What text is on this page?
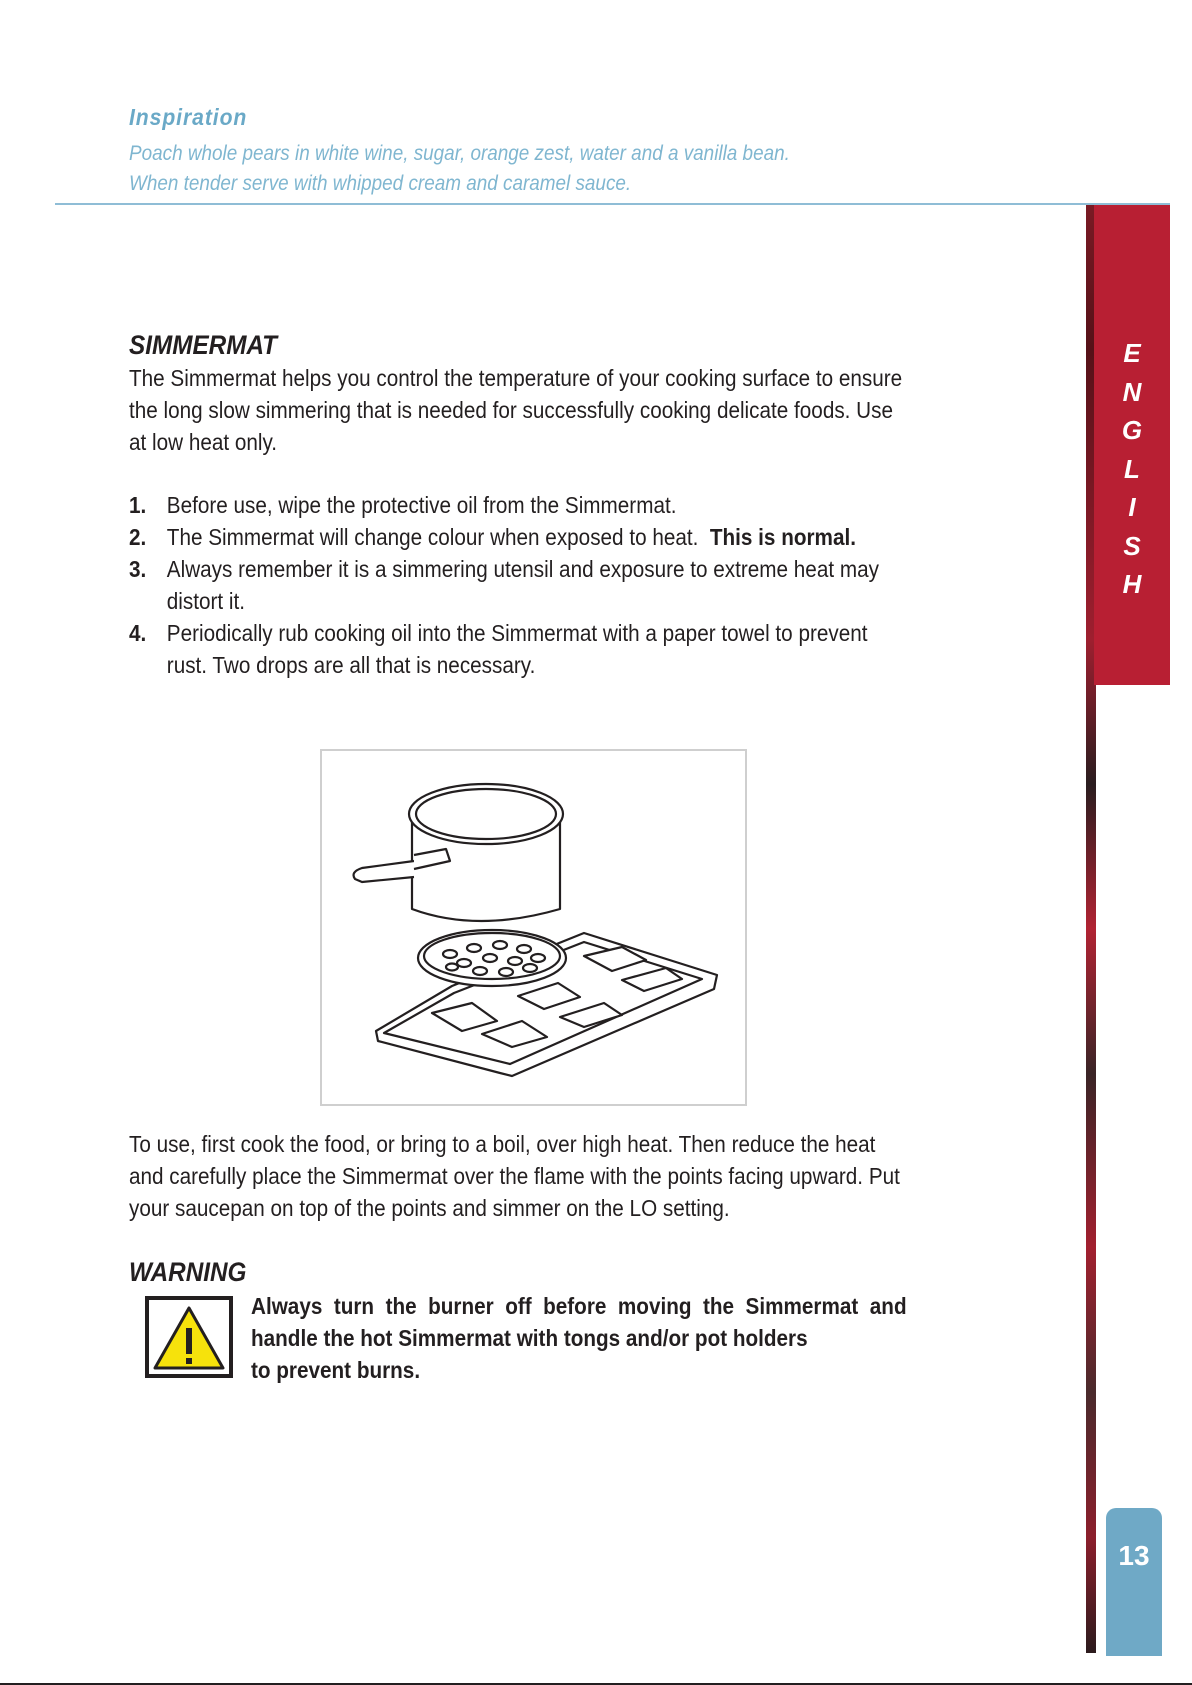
Inspiration
Poach whole pears in white wine, sugar, orange zest, water and a vanilla bean.
When tender serve with whipped cream and caramel sauce.
E
N
G
L
I
S
H
13
SIMMERMAT

The Simmermat helps you control the temperature of your cooking surface to ensure

the long slow simmering that is needed for successfully cooking delicate foods. Use

at low heat only.

1. Before use, wipe the protective oil from the Simmermat.
2. The Simmermat will change colour when exposed to heat.  This is normal.
3. Always remember it is a simmering utensil and exposure to extreme heat may distort it.
4. Periodically rub cooking oil into the Simmermat with a paper towel to prevent rust. Two drops are all that is necessary.

To use, first cook the food, or bring to a boil, over high heat. Then reduce the heat

and carefully place the Simmermat over the flame with the points facing upward. Put

your saucepan on top of the points and simmer on the LO setting.

WARNING
Always  turn  the  burner  off  before  moving  the  Simmermat  and
handle the hot Simmermat with tongs and/or pot holders
to prevent burns.
